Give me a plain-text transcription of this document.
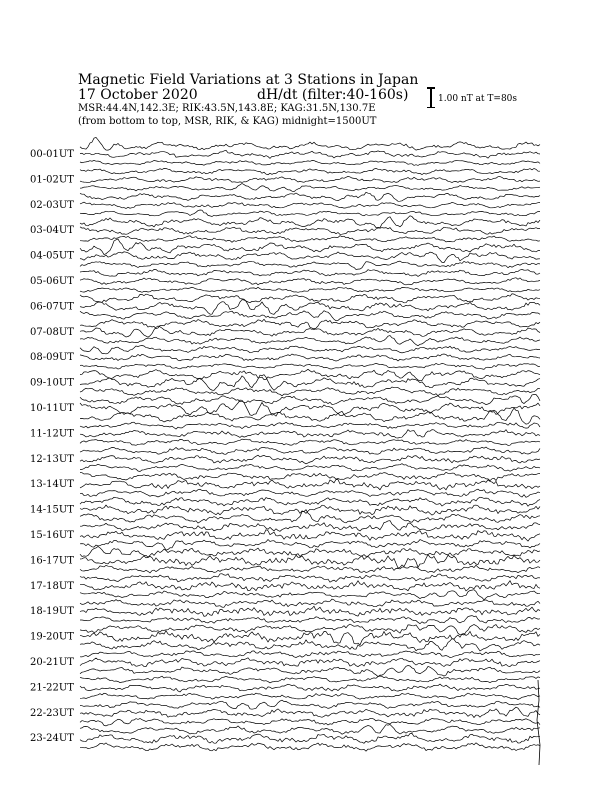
Magnetic Field Variations at 3 Stations in Japan
17 October 2020	dH/dt (filter:40-160s)
MSR:44.4N,142.3E; RIK:43.5N,143.8E; KAG:31.5N,130.7E
(from bottom to top, MSR, RIK, & KAG) midnight=1500UT
1.00 nT at T=80s
00-01UT
01-02UT
02-03UT
03-04UT
04-05UT
05-06UT
06-07UT
07-08UT
08-09UT
09-10UT
10-11UT
11-12UT
12-13UT
13-14UT
14-15UT
15-16UT
16-17UT
17-18UT
18-19UT
19-20UT
20-21UT
21-22UT
22-23UT
23-24UT
